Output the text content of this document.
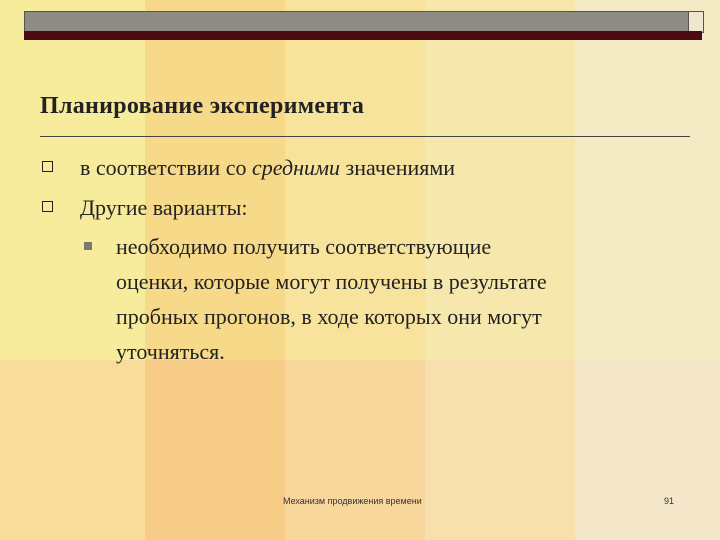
Планирование эксперимента

в соответствии со средними значениями

Другие варианты:

необходимо получить соответствующие

оценки, которые могут получены в результате

пробных прогонов, в ходе которых они могут

уточняться.

Механизм продвижения времени	91
